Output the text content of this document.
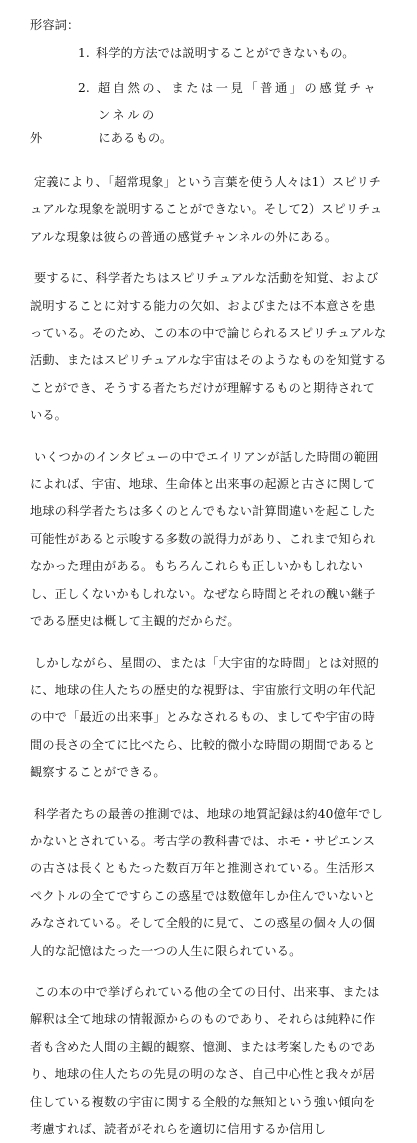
形容詞：

1. 科学的方法では説明することができないもの。
2. 超自然の、または一見「普通」の感覚チャンネルの
外	にあるもの。

定義により、「超常現象」という言葉を使う人々は1）スピリチュアルな現象を説明することができない。そして2）スピリチュアルな現象は彼らの普通の感覚チャンネルの外にある。

要するに、科学者たちはスピリチュアルな活動を知覚、および説明することに対する能力の欠如、およびまたは不本意さを患っている。そのため、この本の中で論じられるスピリチュアルな活動、またはスピリチュアルな宇宙はそのようなものを知覚することができ、そうする者たちだけが理解するものと期待されている。

いくつかのインタビューの中でエイリアンが話した時間の範囲によれば、宇宙、地球、生命体と出来事の起源と古さに関して地球の科学者たちは多くのとんでもない計算間違いを起こした可能性があると示唆する多数の説得力があり、これまで知られなかった理由がある。もちろんこれらも正しいかもしれないし、正しくないかもしれない。なぜなら時間とそれの醜い継子である歴史は概して主観的だからだ。

しかしながら、星間の、または「大宇宙的な時間」とは対照的に、地球の住人たちの歴史的な視野は、宇宙旅行文明の年代記の中で「最近の出来事」とみなされるもの、ましてや宇宙の時間の長さの全てに比べたら、比較的微小な時間の期間であると観察することができる。

科学者たちの最善の推測では、地球の地質記録は約40億年でしかないとされている。考古学の教科書では、ホモ・サピエンスの古さは長くともたった数百万年と推測されている。生活形スペクトルの全てですらこの惑星では数億年しか住んでいないとみなされている。そして全般的に見て、この惑星の個々人の個人的な記憶はたった一つの人生に限られている。

この本の中で挙げられている他の全ての日付、出来事、または解釈は全て地球の情報源からのものであり、それらは純粋に作者も含めた人間の主観的観察、憶測、または考案したものであり、地球の住人たちの先見の明のなさ、自己中心性と我々が居住している複数の宇宙に関する全般的な無知という強い傾向を考慮すれば、読者がそれらを適切に信用するか信用し
